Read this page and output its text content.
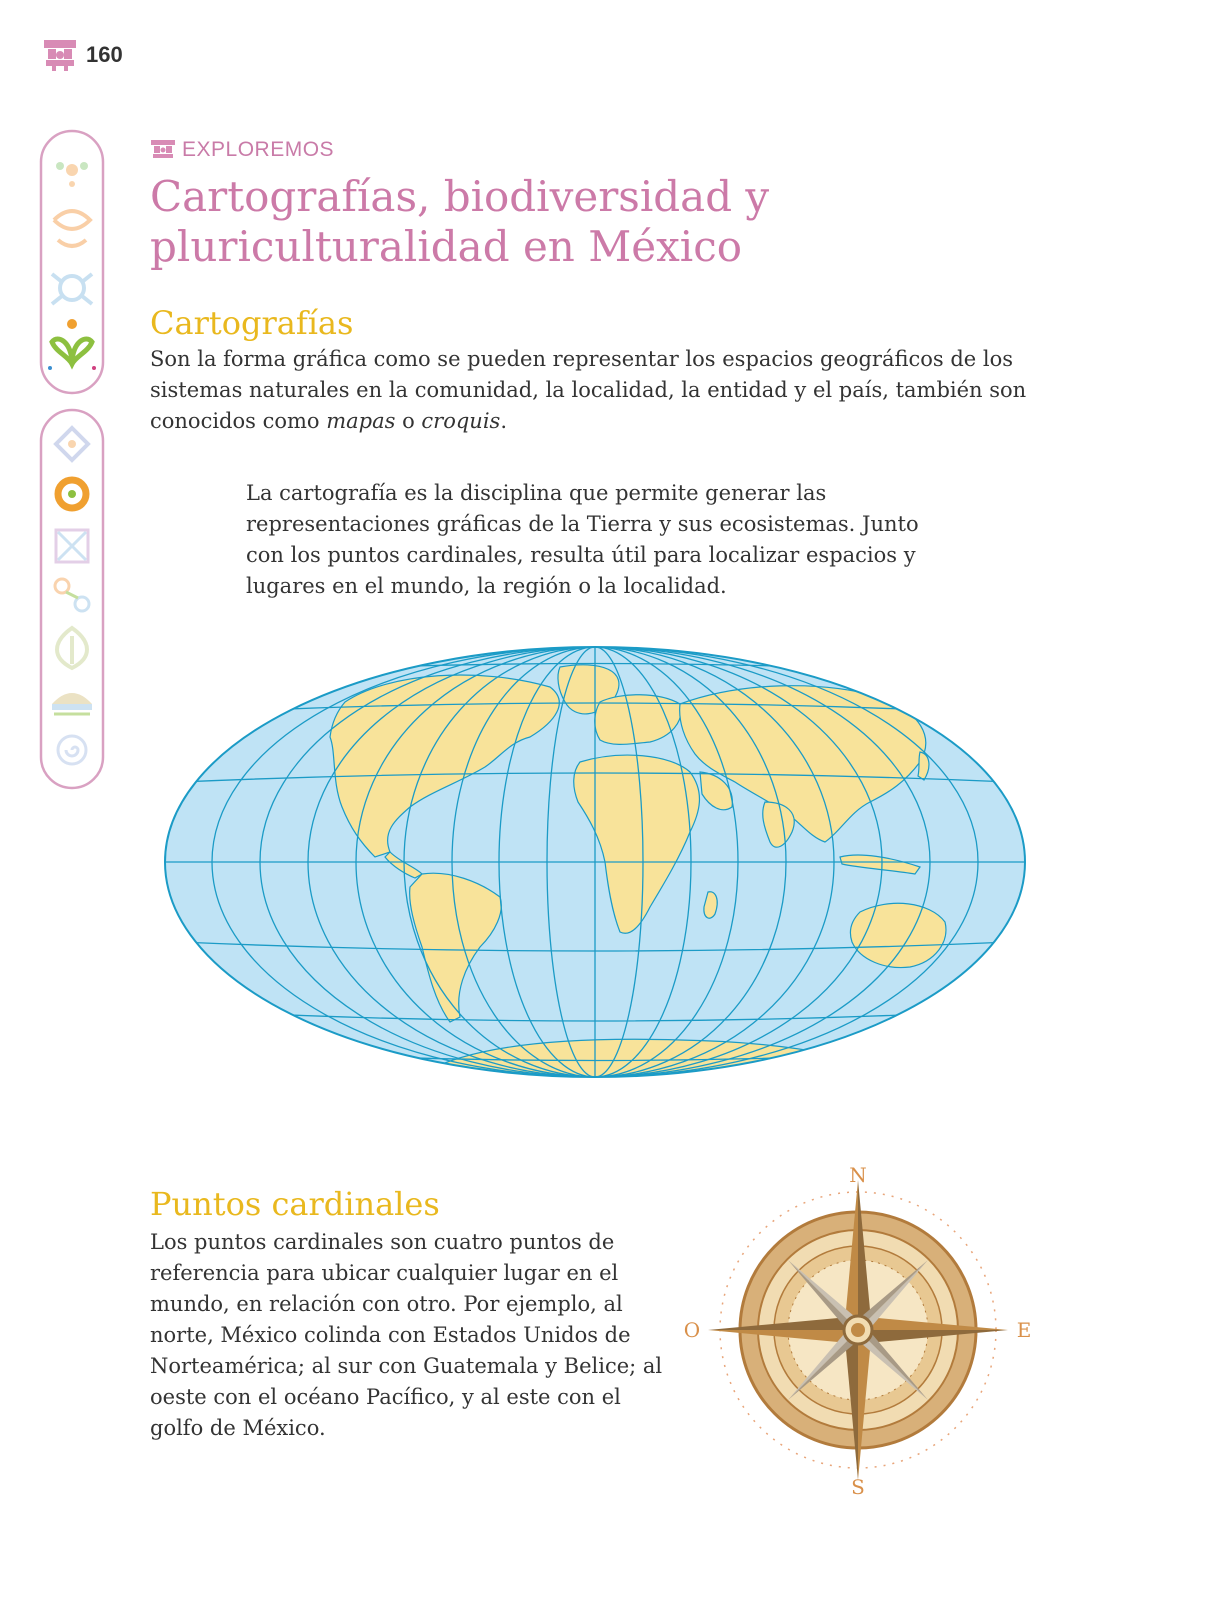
160
EXPLOREMOS
Cartografías, biodiversidad y pluriculturalidad en México
Cartografías

Son la forma gráfica como se pueden representar los espacios geográficos de los sistemas naturales en la comunidad, la localidad, la entidad y el país, también son conocidos como mapas o croquis.

La cartografía es la disciplina que permite generar las representaciones gráficas de la Tierra y sus ecosistemas. Junto con los puntos cardinales, resulta útil para localizar espacios y lugares en el mundo, la región o la localidad.

Puntos cardinales

Los puntos cardinales son cuatro puntos de referencia para ubicar cualquier lugar en el mundo, en relación con otro. Por ejemplo, al norte, México colinda con Estados Unidos de Norteamérica; al sur con Guatemala y Belice; al oeste con el océano Pacífico, y al este con el golfo de México.

N
S
E
O
